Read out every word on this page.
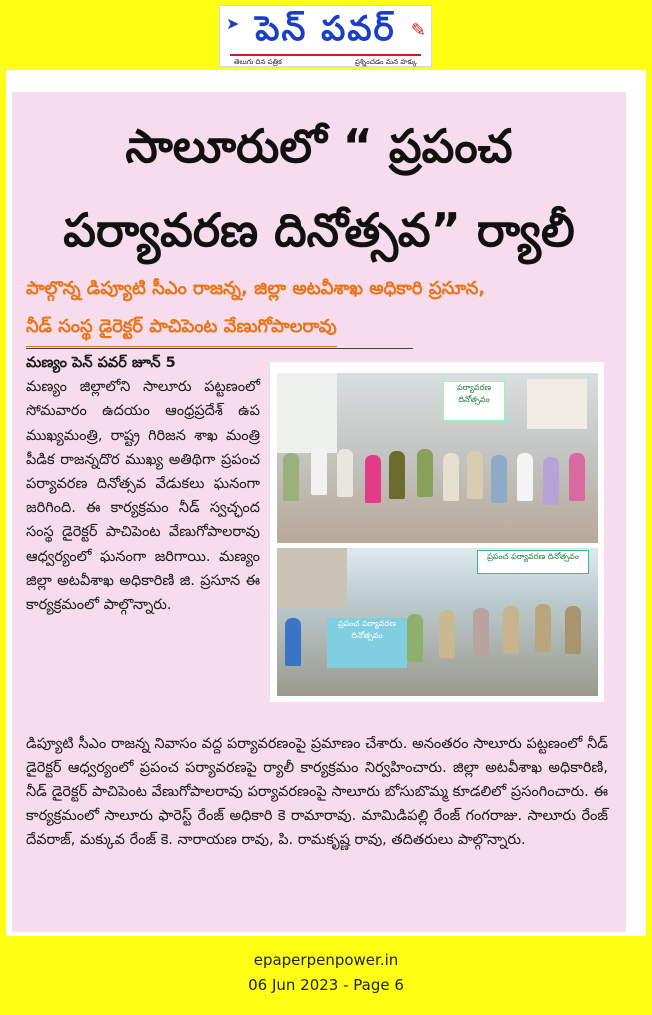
➤ పెన్ పవర్ ✎
తెలుగు దిన పత్రిక	ప్రశ్నించడం మన హక్కు
సాలూరులో “ ప్రపంచ
పర్యావరణ దినోత్సవ” ర్యాలీ
పాల్గొన్న డిప్యూటి సీఎం రాజన్న, జిల్లా అటవీశాఖ అధికారి ప్రసూన,
నీడ్ సంస్థ డైరెక్టర్ పాచిపెంట వేణుగోపాలరావు
మణ్యం పెన్ పవర్ జూన్ 5
మణ్యం జిల్లాలోని సాలూరు పట్టణంలో సోమవారం ఉదయం ఆంధ్రప్రదేశ్ ఉప ముఖ్యమంత్రి, రాష్ట్ర గిరిజన శాఖ మంత్రి పీడిక రాజన్నదొర ముఖ్య అతిథిగా ప్రపంచ పర్యావరణ దినోత్సవ వేడుకలు ఘనంగా జరిగింది. ఈ కార్యక్రమం నీడ్ స్వచ్ఛంద సంస్థ డైరెక్టర్ పాచిపెంట వేణుగోపాలరావు ఆధ్వర్యంలో ఘనంగా జరిగాయి. మణ్యం జిల్లా అటవీశాఖ అధికారిణి జి. ప్రసూన ఈ కార్యక్రమంలో పాల్గొన్నారు.
పర్యావరణ దినోత్సవం
ప్రపంచ పర్యావరణ దినోత్సవం
ప్రపంచ పర్యావరణ దినోత్సవం
డిప్యూటి సీఎం రాజన్న నివాసం వద్ద పర్యావరణంపై ప్రమాణం చేశారు. అనంతరం సాలూరు పట్టణంలో నీడ్ డైరెక్టర్ ఆధ్వర్యంలో ప్రపంచ పర్యావరణపై ర్యాలీ కార్యక్రమం నిర్వహించారు. జిల్లా అటవీశాఖ అధికారిణి, నీడ్ డైరెక్టర్ పాచిపెంట వేణుగోపాలరావు పర్యావరణంపై సాలూరు బోసుబొమ్మ కూడలిలో ప్రసంగించారు. ఈ కార్యక్రమంలో సాలూరు ఫారెస్ట్ రేంజ్ అధికారి కె రామారావు. మామిడిపల్లి రేంజ్ గంగరాజు. సాలూరు రేంజ్ దేవరాజ్, మక్కువ రేంజ్ కె. నారాయణ రావు, పి. రామకృష్ణ రావు, తదితరులు పాల్గొన్నారు.
epaperpenpower.in
06 Jun 2023 - Page 6
